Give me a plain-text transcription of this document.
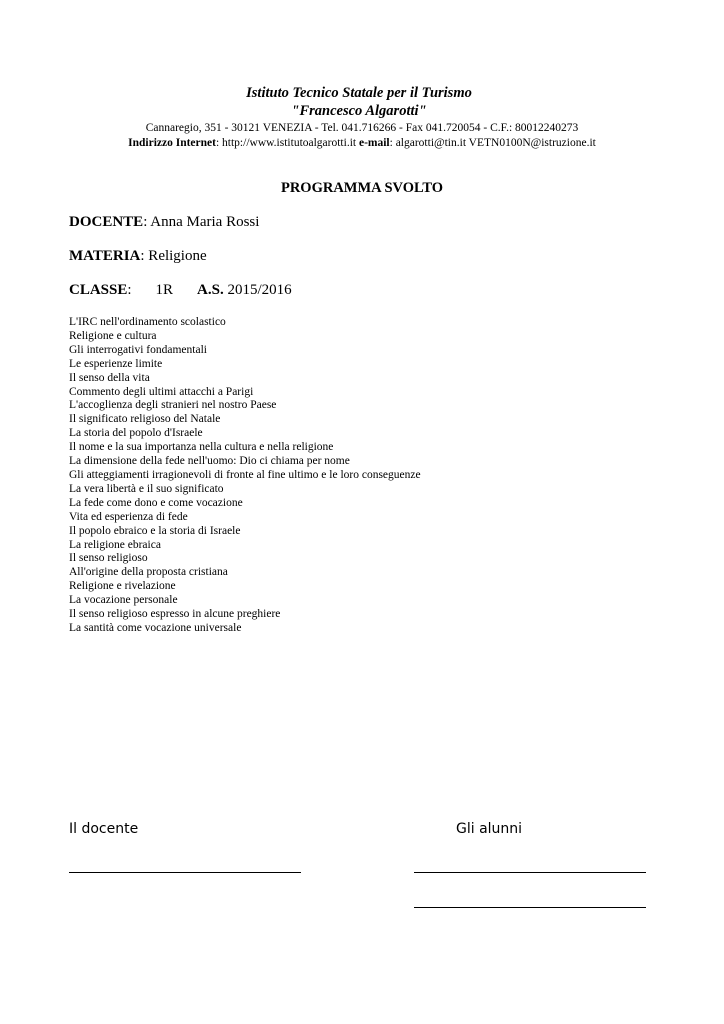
Istituto Tecnico Statale per il Turismo
"Francesco Algarotti"
Cannaregio, 351 - 30121 VENEZIA - Tel. 041.716266 - Fax 041.720054 - C.F.: 80012240273
Indirizzo Internet: http://www.istitutoalgarotti.it e-mail: algarotti@tin.it VETN0100N@istruzione.it
PROGRAMMA SVOLTO
DOCENTE: Anna Maria Rossi
MATERIA: Religione
CLASSE: 1R A.S. 2015/2016
L'IRC nell'ordinamento scolastico
Religione e cultura
Gli interrogativi fondamentali
Le esperienze limite
Il senso della vita
Commento degli ultimi attacchi a Parigi
L'accoglienza degli stranieri nel nostro Paese
Il significato religioso del Natale
La storia del popolo d'Israele
Il nome e la sua importanza nella cultura e nella religione
La dimensione della fede nell'uomo: Dio ci chiama per nome
Gli atteggiamenti irragionevoli di fronte al fine ultimo e le loro conseguenze
La vera libertà e il suo significato
La fede come dono e come vocazione
Vita ed esperienza di fede
Il popolo ebraico e la storia di Israele
La religione ebraica
Il senso religioso
All'origine della proposta cristiana
Religione e rivelazione
La vocazione personale
Il senso religioso espresso in alcune preghiere
La santità come vocazione universale
Il docente	Gli alunni
